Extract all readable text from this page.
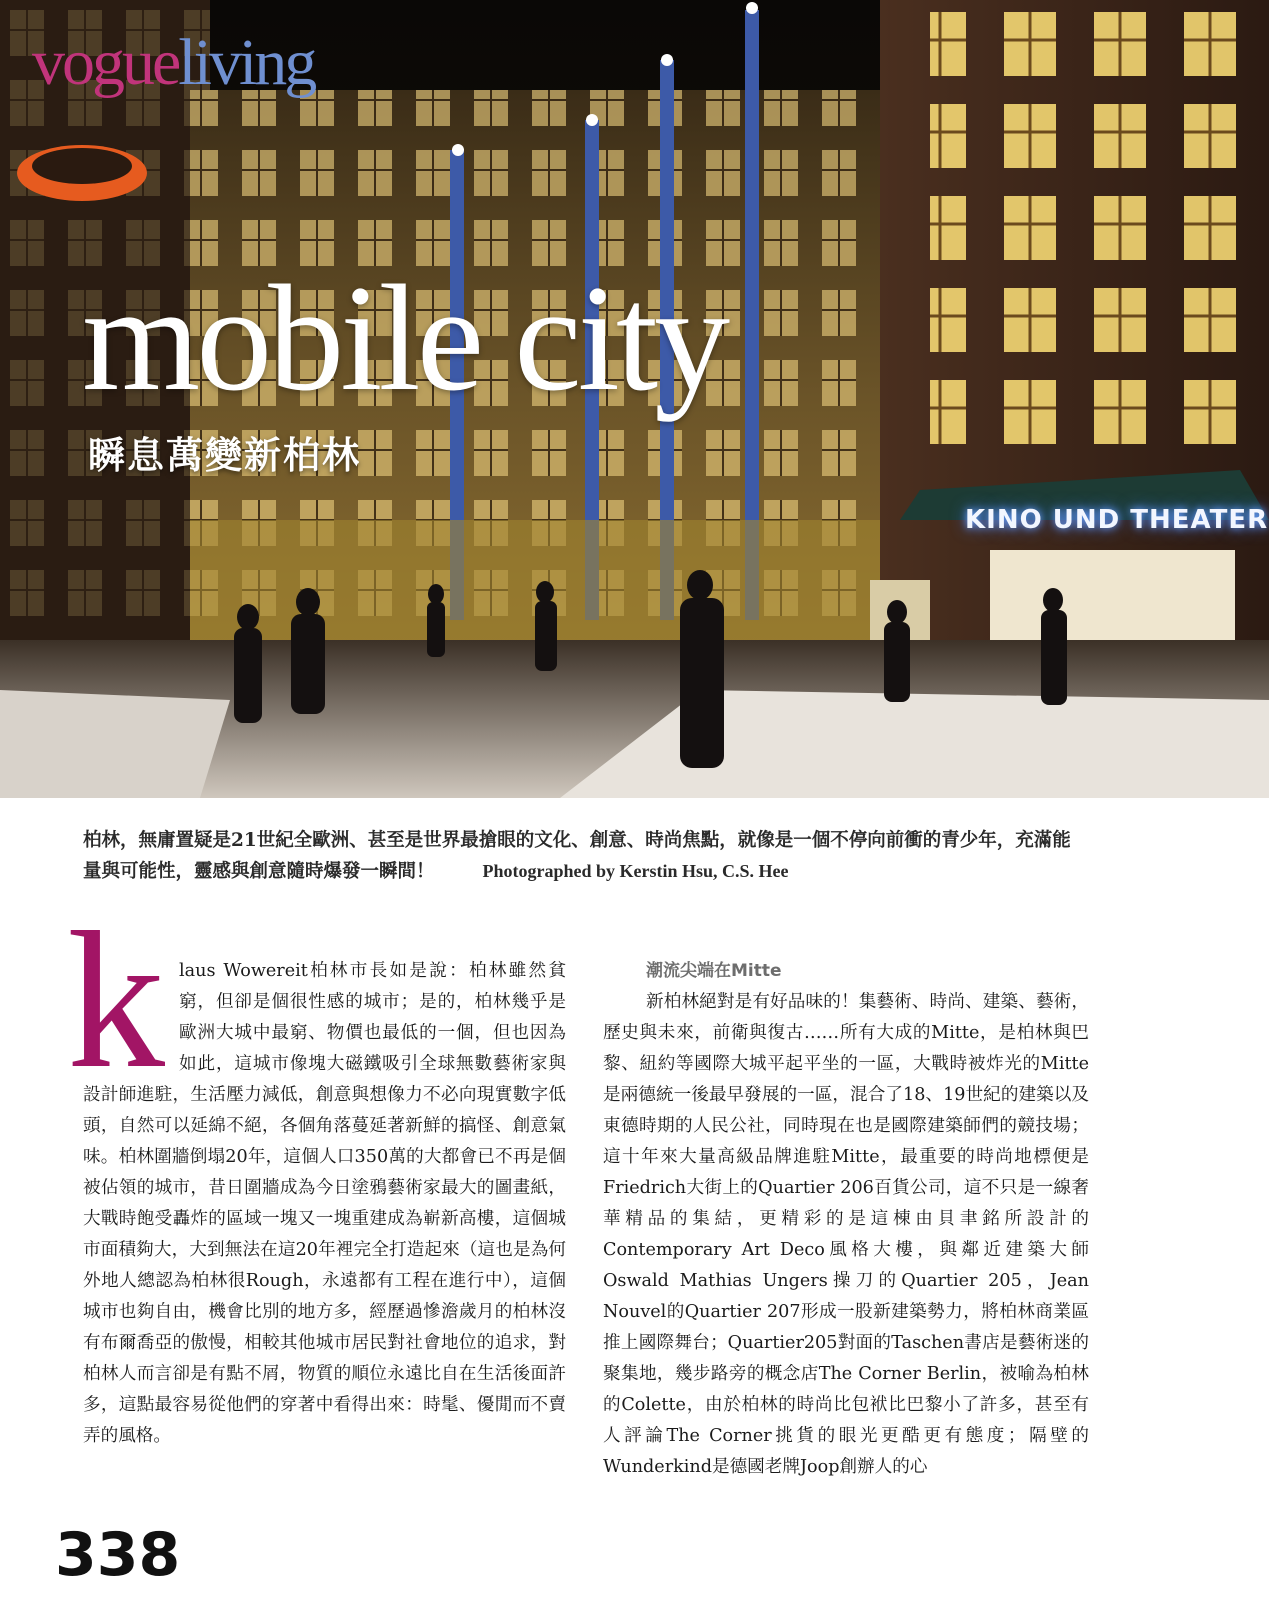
vogueliving
mobile city
瞬息萬變新柏林
KINO UND THEATER
柏林，無庸置疑是21世紀全歐洲、甚至是世界最搶眼的文化、創意、時尚焦點，就像是一個不停向前衝的青少年，充滿能量與可能性，靈感與創意隨時爆發一瞬間！	Photographed by Kerstin Hsu, C.S. Hee
k laus Wowereit柏林市長如是說：柏林雖然貧窮，但卻是個很性感的城市；是的，柏林幾乎是歐洲大城中最窮、物價也最低的一個，但也因為如此，這城市像塊大磁鐵吸引全球無數藝術家與設計師進駐，生活壓力減低，創意與想像力不必向現實數字低頭，自然可以延綿不絕，各個角落蔓延著新鮮的搞怪、創意氣味。柏林圍牆倒塌20年，這個人口350萬的大都會已不再是個被佔領的城市，昔日圍牆成為今日塗鴉藝術家最大的圖畫紙，大戰時飽受轟炸的區域一塊又一塊重建成為嶄新高樓，這個城市面積夠大，大到無法在這20年裡完全打造起來（這也是為何外地人總認為柏林很Rough，永遠都有工程在進行中），這個城市也夠自由，機會比別的地方多，經歷過慘澹歲月的柏林沒有布爾喬亞的傲慢，相較其他城市居民對社會地位的追求，對柏林人而言卻是有點不屑，物質的順位永遠比自在生活後面許多，這點最容易從他們的穿著中看得出來：時髦、優閒而不賣弄的風格。

潮流尖端在Mitte

新柏林絕對是有好品味的！集藝術、時尚、建築、藝術，歷史與未來，前衛與復古……所有大成的Mitte，是柏林與巴黎、紐約等國際大城平起平坐的一區，大戰時被炸光的Mitte是兩德統一後最早發展的一區，混合了18、19世紀的建築以及東德時期的人民公社，同時現在也是國際建築師們的競技場；這十年來大量高級品牌進駐Mitte，最重要的時尚地標便是Friedrich大街上的Quartier 206百貨公司，這不只是一線奢華精品的集結，更精彩的是這棟由貝聿銘所設計的Contemporary Art Deco風格大樓，與鄰近建築大師Oswald Mathias Ungers操刀的Quartier 205，Jean Nouvel的Quartier 207形成一股新建築勢力，將柏林商業區推上國際舞台；Quartier205對面的Taschen書店是藝術迷的聚集地，幾步路旁的概念店The Corner Berlin，被喻為柏林的Colette，由於柏林的時尚比包袱比巴黎小了許多，甚至有人評論The Corner挑貨的眼光更酷更有態度；隔壁的Wunderkind是德國老牌Joop創辦人的心

338
